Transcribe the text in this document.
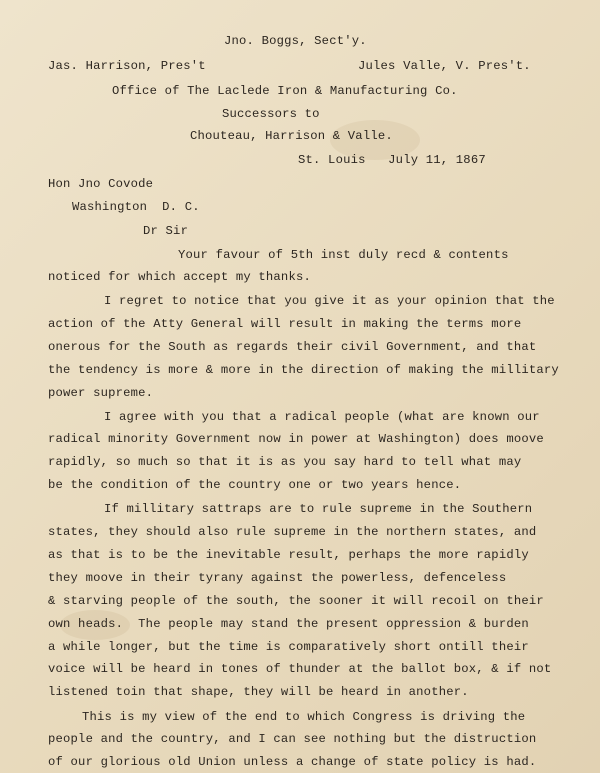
Jno. Boggs, Sect'y.
Jas. Harrison, Pres't	Jules Valle, V. Pres't.
Office of The Laclede Iron & Manufacturing Co.
Successors to
Chouteau, Harrison & Valle.
St. Louis   July 11, 1867
Hon Jno Covode
Washington  D. C.
Dr Sir
Your favour of 5th inst duly recd & contents
noticed for which accept my thanks.
I regret to notice that you give it as your opinion that the
action of the Atty General will result in making the terms more
onerous for the South as regards their civil Government, and that
the tendency is more & more in the direction of making the millitary
power supreme.
I agree with you that a radical people (what are known our
radical minority Government now in power at Washington) does moove
rapidly, so much so that it is as you say hard to tell what may
be the condition of the country one or two years hence.
If millitary sattraps are to rule supreme in the Southern
states, they should also rule supreme in the northern states, and
as that is to be the inevitable result, perhaps the more rapidly
they moove in their tyrany against the powerless, defenceless
& starving people of the south, the sooner it will recoil on their
own heads.  The people may stand the present oppression & burden
a while longer, but the time is comparatively short ontill their
voice will be heard in tones of thunder at the ballot box, & if not
listened toin that shape, they will be heard in another.
This is my view of the end to which Congress is driving the
people and the country, and I can see nothing but the distruction
of our glorious old Union unless a change of state policy is had.
